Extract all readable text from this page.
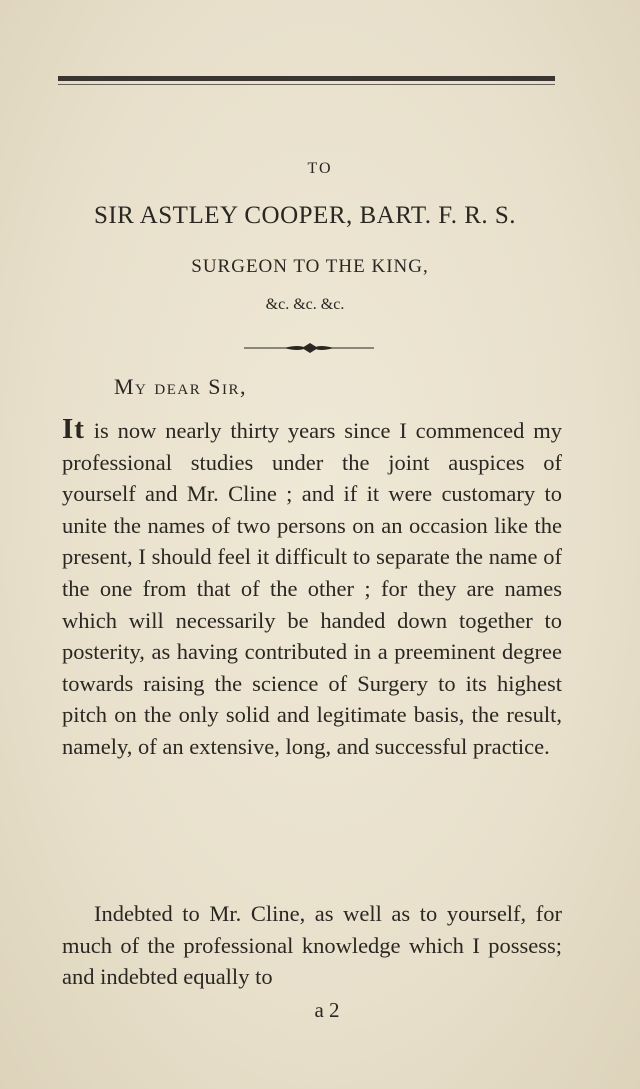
TO
SIR ASTLEY COOPER, BART. F. R. S.
SURGEON TO THE KING,
&c. &c. &c.
My dear Sir,

It is now nearly thirty years since I commenced my professional studies under the joint auspices of yourself and Mr. Cline ; and if it were customary to unite the names of two persons on an occasion like the present, I should feel it difficult to separate the name of the one from that of the other ; for they are names which will necessarily be handed down together to posterity, as having contributed in a preeminent degree towards raising the science of Surgery to its highest pitch on the only solid and legitimate basis, the result, namely, of an extensive, long, and successful practice.

Indebted to Mr. Cline, as well as to yourself, for much of the professional knowledge which I possess; and indebted equally to

a 2
